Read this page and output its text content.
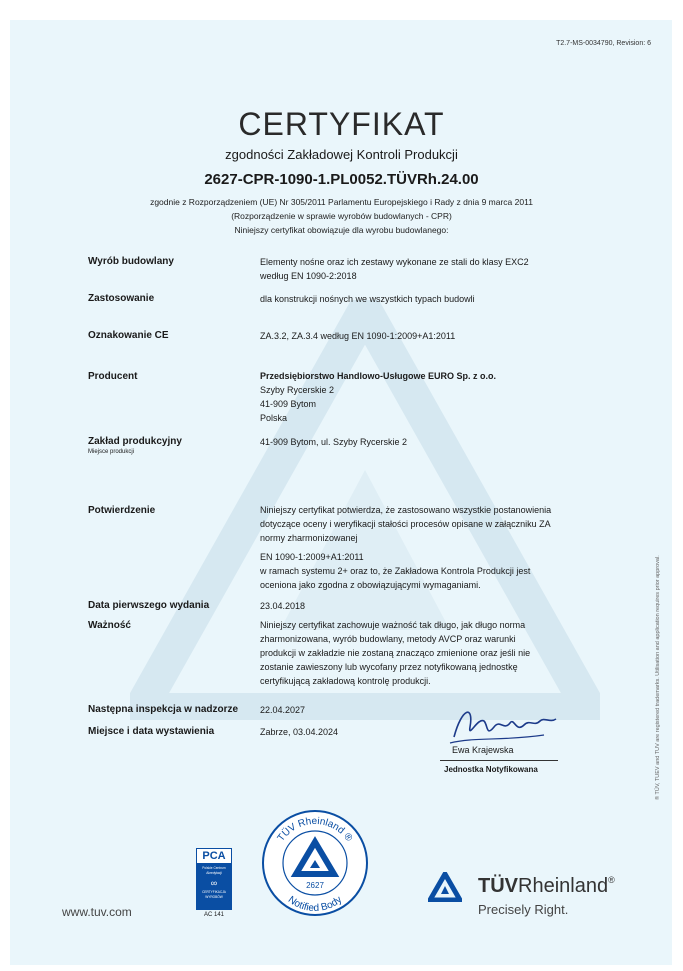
T2.7-MS-0034790, Revision: 6
CERTYFIKAT
zgodności Zakładowej Kontroli Produkcji
2627-CPR-1090-1.PL0052.TÜVRh.24.00
zgodnie z Rozporządzeniem (UE) Nr 305/2011 Parlamentu Europejskiego i Rady z dnia 9 marca 2011
(Rozporządzenie w sprawie wyrobów budowlanych - CPR)
Niniejszy certyfikat obowiązuje dla wyrobu budowlanego:
Wyrób budowlany	Elementy nośne oraz ich zestawy wykonane ze stali do klasy EXC2
według EN 1090-2:2018
Zastosowanie	dla konstrukcji nośnych we wszystkich typach budowli
Oznakowanie CE	ZA.3.2, ZA.3.4 według EN 1090-1:2009+A1:2011
Producent	Przedsiębiorstwo Handlowo-Usługowe EURO Sp. z o.o.
Szyby Rycerskie 2
41-909 Bytom
Polska
Zakład produkcyjny
Miejsce produkcji
41-909 Bytom, ul. Szyby Rycerskie 2
Potwierdzenie	Niniejszy certyfikat potwierdza, że zastosowano wszystkie postanowienia
dotyczące oceny i weryfikacji stałości procesów opisane w załączniku ZA
normy zharmonizowanej
EN 1090-1:2009+A1:2011
w ramach systemu 2+ oraz to, że Zakładowa Kontrola Produkcji jest
oceniona jako zgodna z obowiązującymi wymaganiami.
Data pierwszego wydania	23.04.2018
Ważność	Niniejszy certyfikat zachowuje ważność tak długo, jak długo norma
zharmonizowana, wyrób budowlany, metody AVCP oraz warunki
produkcji w zakładzie nie zostaną znacząco zmienione oraz jeśli nie
zostanie zawieszony lub wycofany przez notyfikowaną jednostkę
certyfikującą zakładową kontrolę produkcji.
Następna inspekcja w nadzorze 22.04.2027
Miejsce i data wystawienia	Zabrze, 03.04.2024
Ewa Krajewska
Jednostka Notyfikowana	® TÜV, TUEV and TUV are registered trademarks. Utilisation and application requires prior approval.
www.tuv.com
PCA
Polskie Centrum
Akredytacji
∞
CERTYFIKACJA
WYROBÓW
AC 141
TÜV Rheinland ®
Notified Body
2627	TÜVRheinland®
Precisely Right.
